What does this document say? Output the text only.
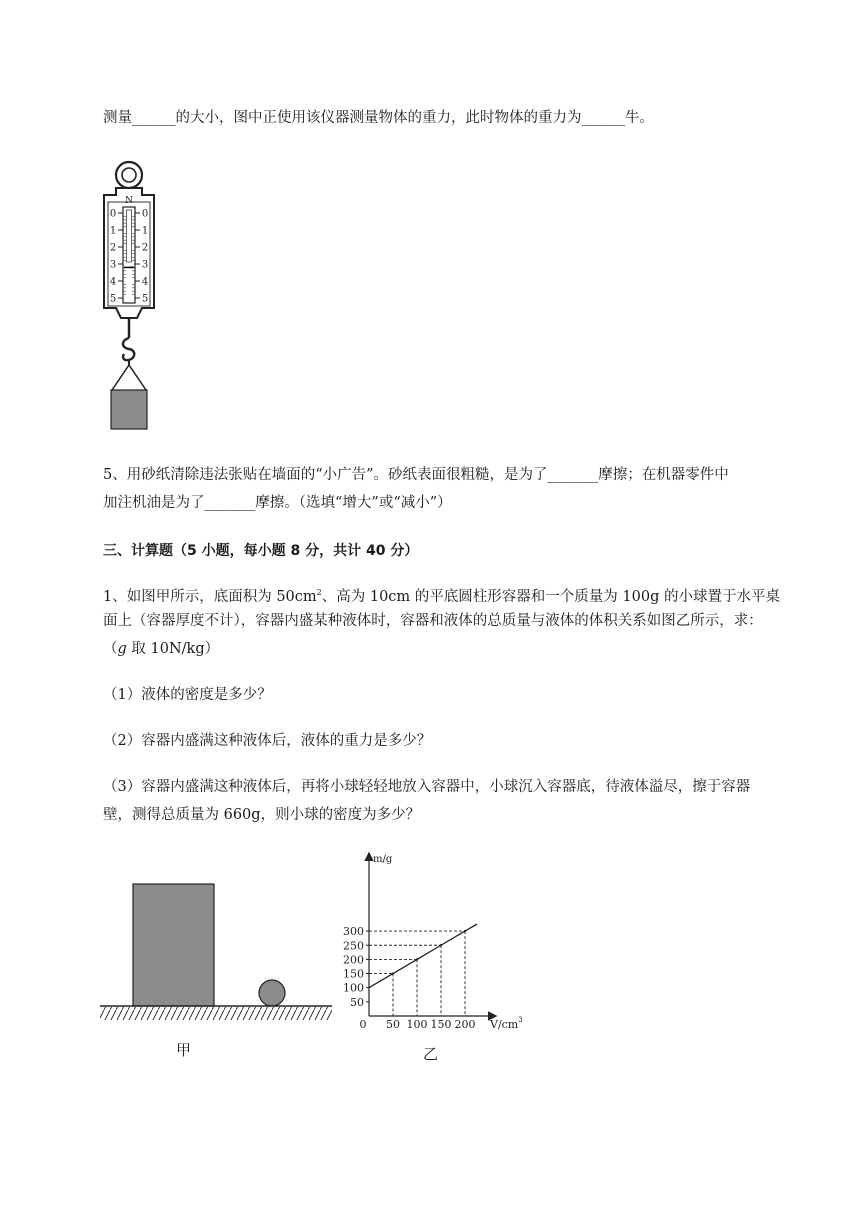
测量______的大小，图中正使用该仪器测量物体的重力，此时物体的重力为______牛。
N
0	0
1	1
2	2
3	3
4	4
5	5
5、用砂纸清除违法张贴在墙面的“小广告”。砂纸表面很粗糙，是为了_______摩擦；在机器零件中
加注机油是为了_______摩擦。（选填“增大”或“减小”）
三、计算题（5 小题，每小题 8 分，共计 40 分）
1、如图甲所示，底面积为 $50cm^2$、高为 10cm 的平底圆柱形容器和一个质量为 100g 的小球置于水平桌
面上（容器厚度不计），容器内盛某种液体时，容器和液体的总质量与液体的体积关系如图乙所示，求：
（g 取 10N/kg）
（1）液体的密度是多少？
（2）容器内盛满这种液体后，液体的重力是多少？
（3）容器内盛满这种液体后，再将小球轻轻地放入容器中，小球沉入容器底，待液体溢尽，擦于容器
壁，测得总质量为 660g，则小球的密度为多少？
甲
m/g
$V/cm^3$
0 50 100 150 200
50
100
150
200
250
300
乙
